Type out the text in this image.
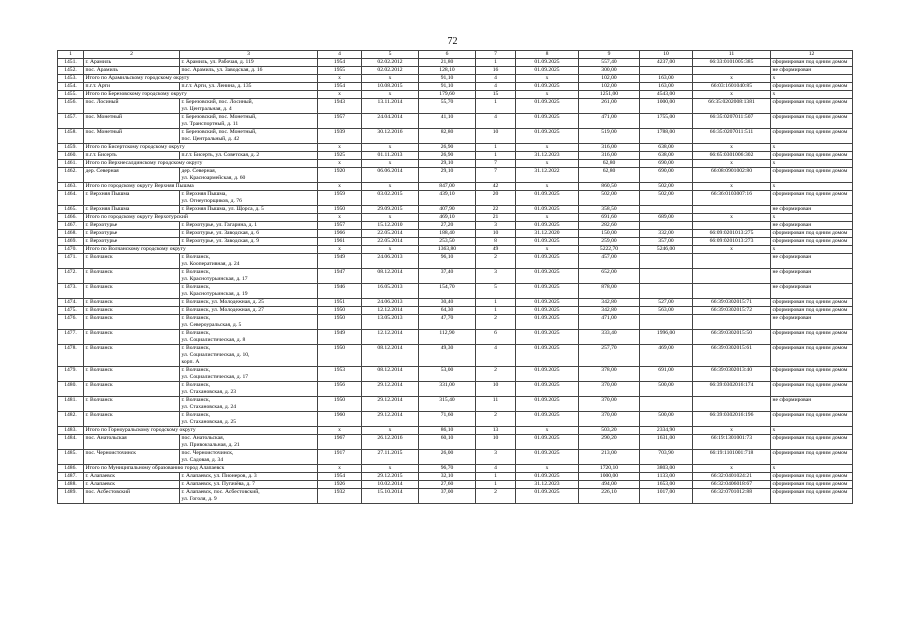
72
1	2	3	4	5	6	7	8	9	10	11	12
1451.	г. Арамиль	г. Арамиль, ул. Рабочая, д. 119	1954	02.02.2012	21,80	1	01.09.2025	557,40	4237,00	66:33:0101005:385	сформирован под одним домом
1452.	пос. Арамиль	пос. Арамиль, ул. Заводская, д. 16	1955	02.02.2012	128,10	16	01.09.2025	300,00			не сформирован
1453.	Итого по Арамильскому городскому округу		x	x	91,10	4	x	102,00	163,00	x	x
1454.	п.г.т. Арти	п.г.т. Арти, ул. Ленина, д. 135	1954	10.08.2015	91,10	4	01.09.2025	102,00	163,00	66:03:1601040:85	сформирован под одним домом
1455.	Итого по Березовскому городскому округу		x	x	179,60	15	x	1251,00	4543,00	x	x
1456.	пос. Лосиный	г. Березовский, пос. Лосиный,
ул. Центральная, д. 4	1943	13.11.2014	55,70	1	01.09.2025	261,00	1000,00	66:35:0202008:1381	сформирован под одним домом
1457.	пос. Монетный	г. Березовский, пос. Монетный,
ул. Транспортный, д. 11	1957	24.04.2014	41,10	4	01.09.2025	471,00	1755,00	66:35:0207011:507	сформирован под одним домом
1458.	пос. Монетный	г. Березовский, пос. Монетный,
пос. Центральный, д. 42	1939	30.12.2016	82,80	10	01.09.2025	519,00	1788,00	66:35:0207011:511	сформирован под одним домом
1459.	Итого по Бисертскому городскому округу		x	x	26,90	1	x	316,00	638,00	x	x
1460.	п.г.т. Бисерть	п.г.т. Бисерть, ул. Советская, д. 2	1925	01.11.2013	26,90	1	31.12.2023	316,00	638,00	66:65:0301006:302	сформирован под одним домом
1461.	Итого по Верхнесалдинскому городскому округу		x	x	29,10	7	x	62,80	690,00	x	x
1462.	дер. Северная	дер. Северная,
ул. Красноармейская, д. 60	1920	06.06.2014	29,10	7	31.12.2022	62,80	690,00	66:08:0901002:80	сформирован под одним домом
1463.	Итого по городскому округу Верхняя Пышма		x	x	847,00	42	x	860,50	502,00	x	x
1464.	г. Верхняя Пышма	г. Верхняя Пышма,
ул. Огнеупорщиков, д. 76	1959	03.02.2015	439,10	20	01.09.2025	502,00	502,00	66:36:0103007:16	сформирован под одним домом
1465.	г. Верхняя Пышма	г. Верхняя Пышма, ул. Щорса, д. 5	1950	29.09.2015	407,90	22	01.09.2025	358,50			не сформирован
1466.	Итого по городскому округу Верхотурский		x	x	469,10	21	x	691,60	689,00	x	x
1467.	г. Верхотурье	г. Верхотурье, ул. Гагарина, д. 1	1957	15.12.2010	27,20	3	01.09.2025	282,60			не сформирован
1468.	г. Верхотурье	г. Верхотурье, ул. Заводская, д. 6	1966	22.05.2014	188,40	10	31.12.2020	150,00	332,00	66:09:0201013:275	сформирован под одним домом
1469.	г. Верхотурье	г. Верхотурье, ул. Заводская, д. 9	1961	22.05.2014	253,50	8	01.09.2025	259,00	357,00	66:09:0201013:273	сформирован под одним домом
1470.	Итого по Волчанскому городскому округу		x	x	1363,80	49	x	5222,70	5246,00	x	x
1471.	г. Волчанск	г. Волчанск,
ул. Кооперативная, д. 24	1949	24.06.2013	96,10	2	01.09.2025	457,00			не сформирован
1472.	г. Волчанск	г. Волчанск,
ул. Краснотурьинская, д. 17	1947	08.12.2014	37,40	3	01.09.2025	652,00			не сформирован
1473.	г. Волчанск	г. Волчанск,
ул. Краснотурьинская, д. 19	1946	16.05.2013	154,70	5	01.09.2025	878,00			не сформирован
1474.	г. Волчанск	г. Волчанск, ул. Молодежная, д. 25	1951	24.06.2013	30,40	1	01.09.2025	342,80	527,00	66:39:0302015:71	сформирован под одним домом
1475.	г. Волчанск	г. Волчанск, ул. Молодежная, д. 27	1950	12.12.2014	64,30	1	01.09.2025	342,80	563,00	66:39:0302015:72	сформирован под одним домом
1476.	г. Волчанск	г. Волчанск,
ул. Североуральская, д. 5	1950	13.05.2013	47,70	2	01.09.2025	471,00			не сформирован
1477.	г. Волчанск	г. Волчанск,
ул. Социалистическая, д. 8	1949	12.12.2014	112,90	6	01.09.2025	333,40	1996,00	66:39:0302015:50	сформирован под одним домом
1478.	г. Волчанск	г. Волчанск,
ул. Социалистическая, д. 10,
корп. А	1950	08.12.2014	49,30	4	01.09.2025	257,70	469,00	66:39:0302015:61	сформирован под одним домом
1479.	г. Волчанск	г. Волчанск,
ул. Социалистическая, д. 17	1953	08.12.2014	53,00	2	01.09.2025	378,00	691,00	66:39:0302013:40	сформирован под одним домом
1480.	г. Волчанск	г. Волчанск,
ул. Стахановская, д. 23	1956	29.12.2014	331,00	10	01.09.2025	370,00	500,00	66:39:0302016:174	сформирован под одним домом
1481.	г. Волчанск	г. Волчанск,
ул. Стахановская, д. 24	1950	29.12.2014	315,40	11	01.09.2025	370,00			не сформирован
1482.	г. Волчанск	г. Волчанск,
ул. Стахановская, д. 25	1960	29.12.2014	71,60	2	01.09.2025	370,00	500,00	66:39:0302016:196	сформирован под одним домом
1483.	Итого по Горноуральскому городскому округу		x	x	86,10	13	x	503,20	2334,90	x	x
1484.	пос. Анатольская	пос. Анатольская,
ул. Привокзальная, д. 21	1967	26.12.2016	60,10	10	01.09.2025	290,20	1631,00	66:19:1301001:73	сформирован под одним домом
1485.	пос. Черноисточинск	пос. Черноисточинск,
ул. Садовая, д. 34	1917	27.11.2015	26,00	3	01.09.2025	213,00	703,90	66:19:1101001:718	сформирован под одним домом
1486.	Итого по Муниципальному образованию город Алапаевск		x	x	96,70	4	x	1720,10	3803,00	x	x
1487.	г. Алапаевск	г. Алапаевск, ул. Пионеров, д. 3	1954	29.12.2015	32,10	1	01.09.2025	1000,00	1133,00	66:32:0401024:21	сформирован под одним домом
1488.	г. Алапаевск	г. Алапаевск, ул. Пугачёва, д. 7	1926	10.02.2014	27,60	1	31.12.2023	494,00	1653,00	66:32:0406018:67	сформирован под одним домом
1489.	пос. Асбестовский	г. Алапаевск, пос. Асбестовский,
ул. Гоголя, д. 9	1932	15.10.2014	37,00	2	01.09.2025	226,10	1017,00	66:32:0701012:88	сформирован под одним домом
